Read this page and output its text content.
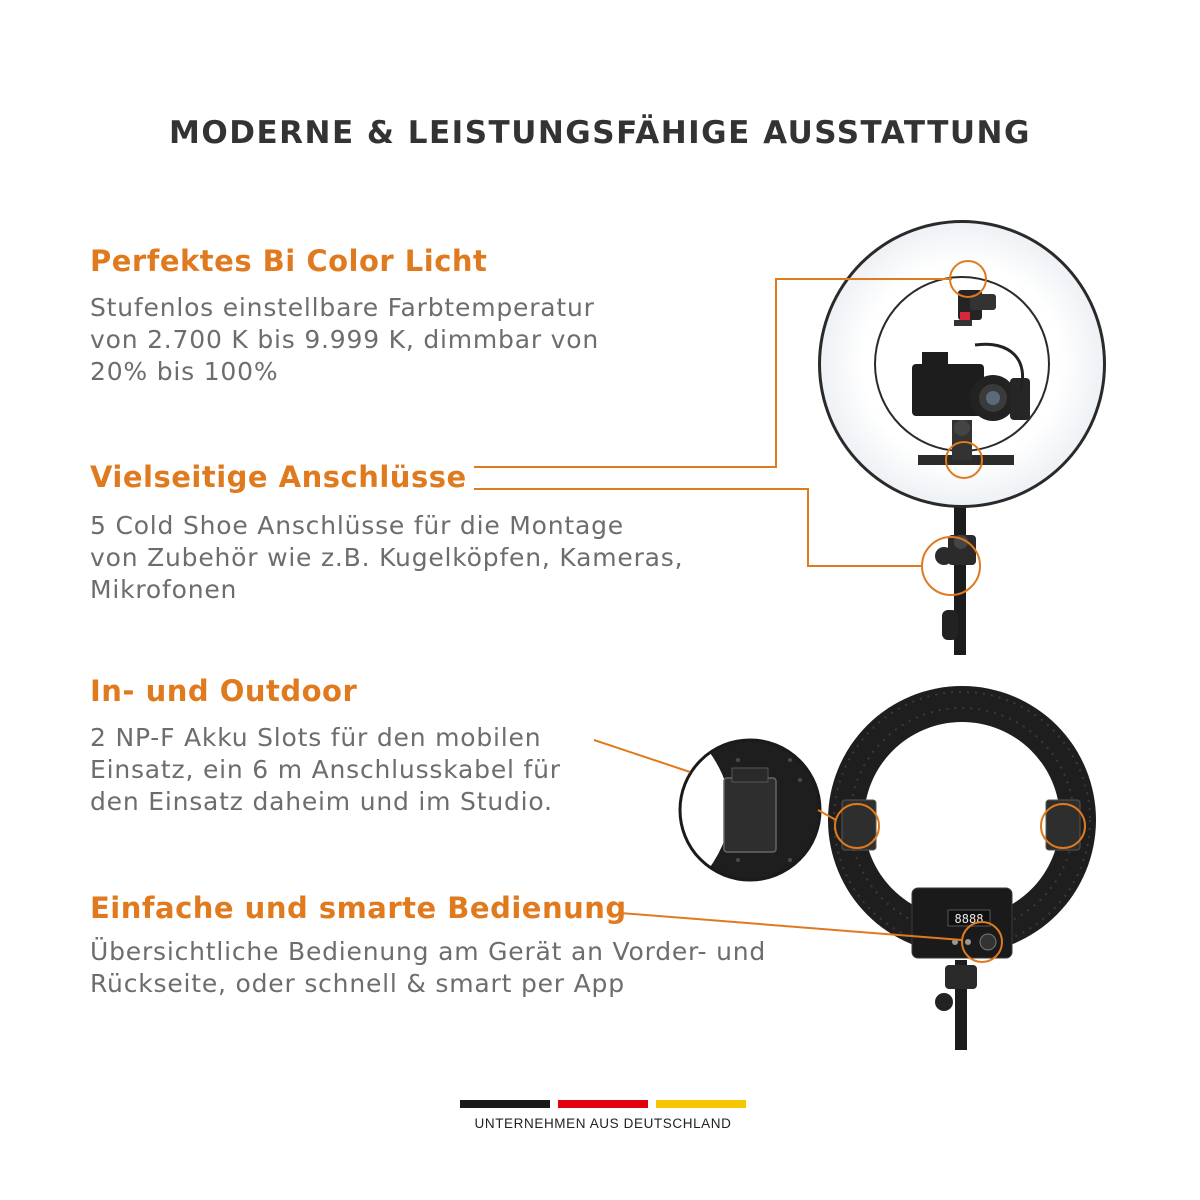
8888
MODERNE & LEISTUNGSFÄHIGE AUSSTATTUNG
Perfektes Bi Color Licht
Stufenlos einstellbare Farbtemperatur
von 2.700 K bis 9.999 K, dimmbar von
20% bis 100%
Vielseitige Anschlüsse
5 Cold Shoe Anschlüsse für die Montage
von Zubehör wie z.B. Kugelköpfen, Kameras,
Mikrofonen
In- und Outdoor
2 NP-F Akku Slots für den mobilen
Einsatz, ein 6 m Anschlusskabel für
den Einsatz daheim und im Studio.
Einfache und smarte Bedienung
Übersichtliche Bedienung am Gerät an Vorder- und
Rückseite, oder schnell & smart per App
UNTERNEHMEN AUS DEUTSCHLAND
